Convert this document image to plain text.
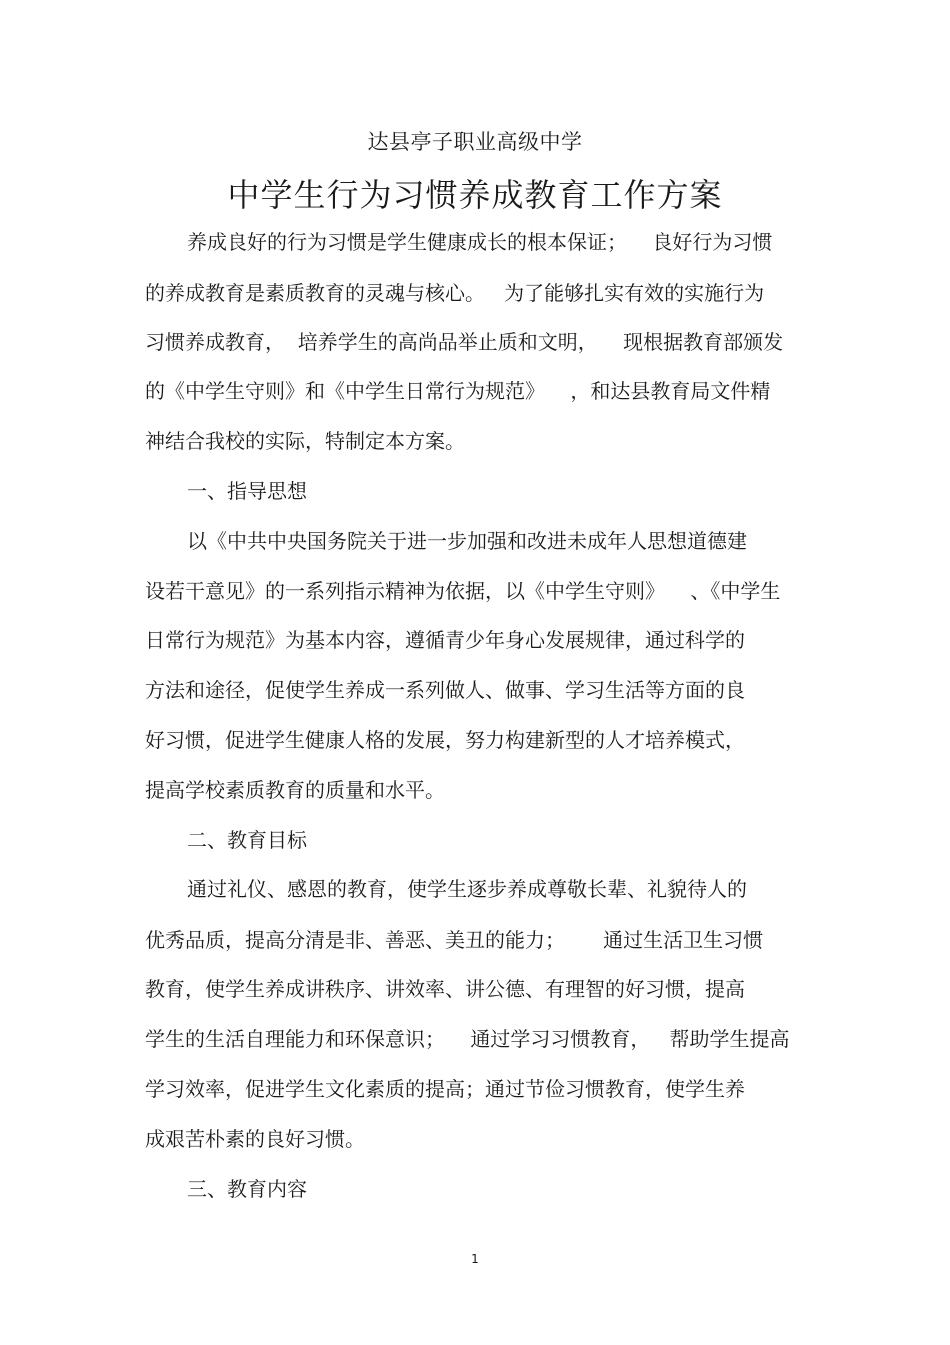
达县亭子职业高级中学
中学生行为习惯养成教育工作方案
养成良好的行为习惯是学生健康成长的根本保证；    良好行为习惯
的养成教育是素质教育的灵魂与核心。   为了能够扎实有效的实施行为
习惯养成教育，  培养学生的高尚品举止质和文明，    现根据教育部颁发
的《中学生守则》和《中学生日常行为规范》    ，和达县教育局文件精
神结合我校的实际，特制定本方案。
一、指导思想
以《中共中央国务院关于进一步加强和改进未成年人思想道德建
设若干意见》的一系列指示精神为依据，以《中学生守则》    、《中学生
日常行为规范》为基本内容，遵循青少年身心发展规律，通过科学的
方法和途径，促使学生养成一系列做人、做事、学习生活等方面的良
好习惯，促进学生健康人格的发展，努力构建新型的人才培养模式，
提高学校素质教育的质量和水平。
二、教育目标
通过礼仪、感恩的教育，使学生逐步养成尊敬长辈、礼貌待人的
优秀品质，提高分清是非、善恶、美丑的能力；      通过生活卫生习惯
教育，使学生养成讲秩序、讲效率、讲公德、有理智的好习惯，提高
学生的生活自理能力和环保意识；    通过学习习惯教育，   帮助学生提高
学习效率，促进学生文化素质的提高；通过节俭习惯教育，使学生养
成艰苦朴素的良好习惯。
三、教育内容
1
